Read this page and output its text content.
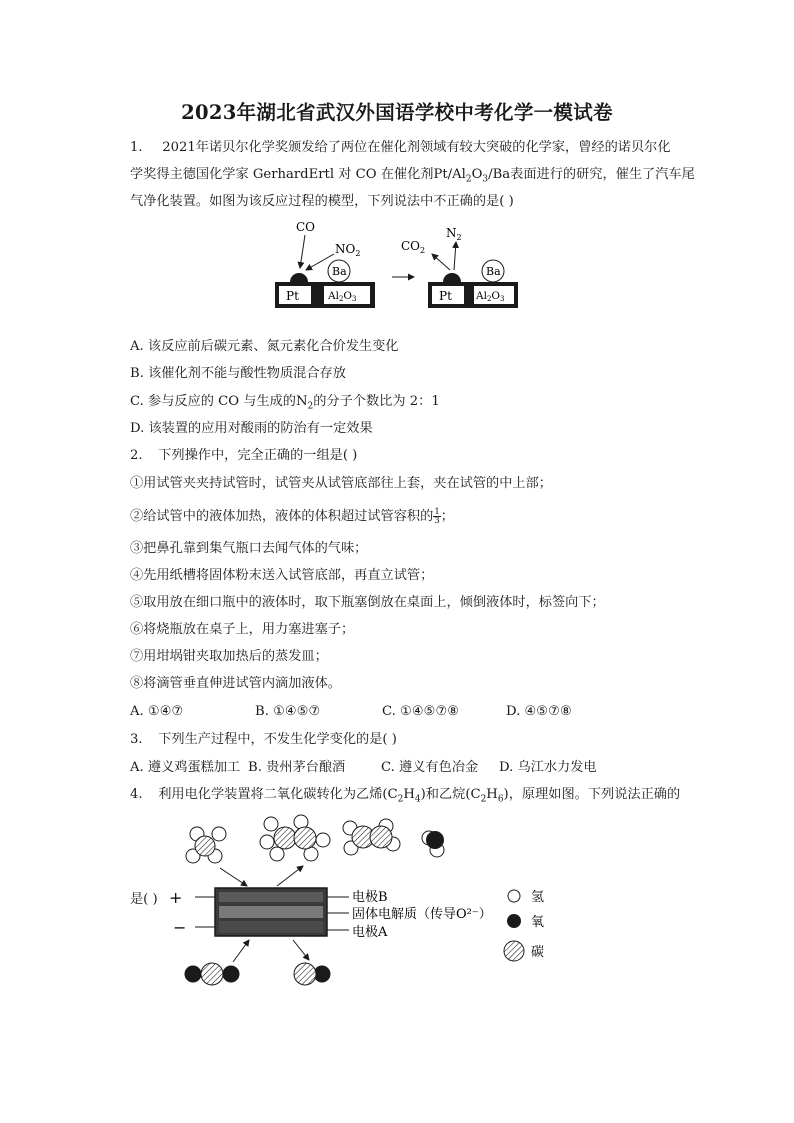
2023年湖北省武汉外国语学校中考化学一模试卷
1. 2021年诺贝尔化学奖颁发给了两位在催化剂领域有较大突破的化学家，曾经的诺贝尔化
学奖得主德国化学家 GerhardErtl 对 CO 在催化剂$Pt/Al_2O_3/Ba$表面进行的研究，催生了汽车尾
气净化装置。如图为该反应过程的模型，下列说法中不正确的是( )
CO
$NO_2$
Pt	Al2O3
Ba
$CO_2$
$N_2$
Pt Al2O3
Ba
A. 该反应前后碳元素、氮元素化合价发生变化
B. 该催化剂不能与酸性物质混合存放
C. 参与反应的 CO 与生成的$N_2$的分子个数比为 2：1
D. 该装置的应用对酸雨的防治有一定效果
2. 下列操作中，完全正确的一组是( )
①用试管夹夹持试管时，试管夹从试管底部往上套，夹在试管的中上部；
②给试管中的液体加热，液体的体积超过试管容积的 $\frac{1}{3}$ ；
③把鼻孔靠到集气瓶口去闻气体的气味；
④先用纸槽将固体粉末送入试管底部，再直立试管；
⑤取用放在细口瓶中的液体时，取下瓶塞倒放在桌面上，倾倒液体时，标签向下；
⑥将烧瓶放在桌子上，用力塞进塞子；
⑦用坩埚钳夹取加热后的蒸发皿；
⑧将滴管垂直伸进试管内滴加液体。
A. ①④⑦	B. ①④⑤⑦	C. ①④⑤⑦⑧	D. ④⑤⑦⑧
3. 下列生产过程中，不发生化学变化的是( )
A. 遵义鸡蛋糕加工 B. 贵州茅台酿酒	C. 遵义有色冶金 D. 乌江水力发电
4. 利用电化学装置将二氧化碳转化为乙烯$(C_2H_4)$和乙烷$(C_2H_6)$，原理如图。下列说法正确的
是( ) +
−
电极B
固体电解质（传导O²⁻）
电极A
氢
氧
碳
